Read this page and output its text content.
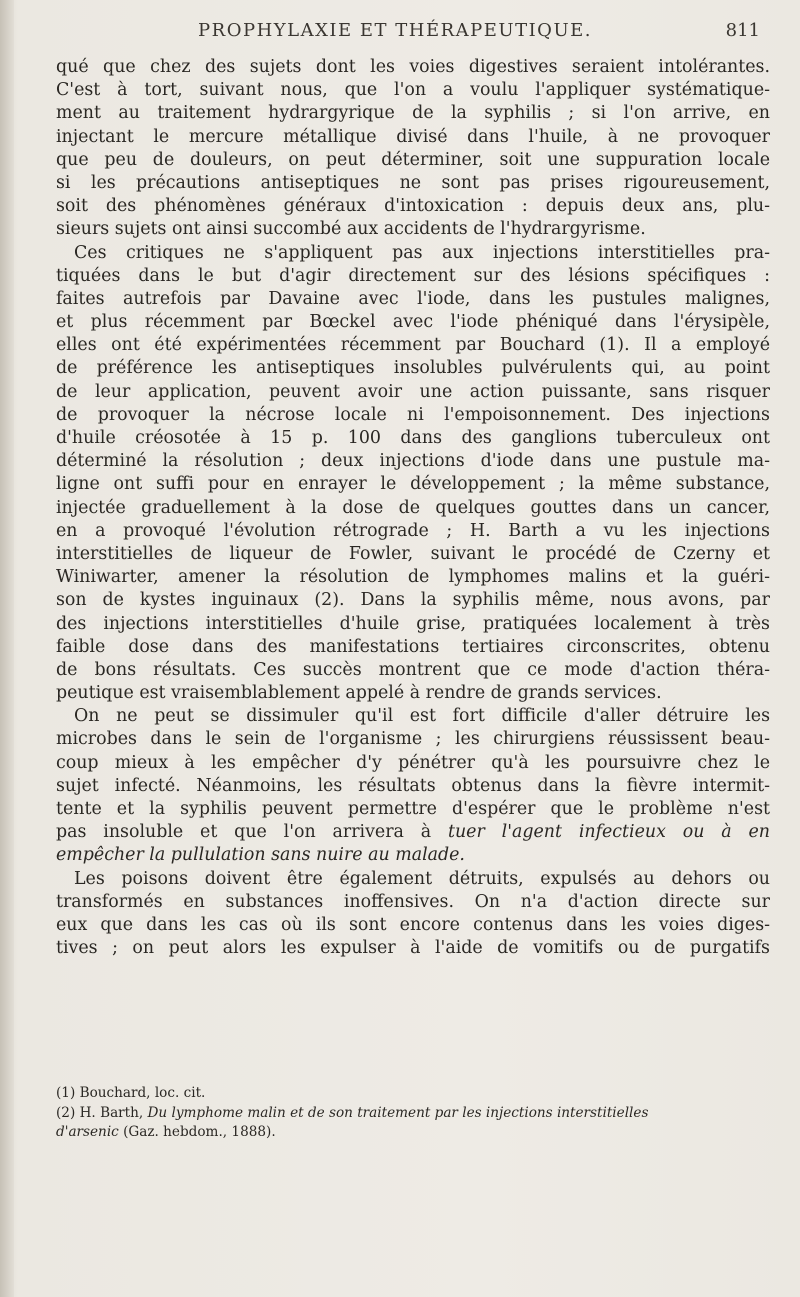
PROPHYLAXIE ET THÉRAPEUTIQUE.	811
qué que chez des sujets dont les voies digestives seraient intolérantes.
C'est à tort, suivant nous, que l'on a voulu l'appliquer systématique-
ment au traitement hydrargyrique de la syphilis ; si l'on arrive, en
injectant le mercure métallique divisé dans l'huile, à ne provoquer
que peu de douleurs, on peut déterminer, soit une suppuration locale
si les précautions antiseptiques ne sont pas prises rigoureusement,
soit des phénomènes généraux d'intoxication : depuis deux ans, plu-
sieurs sujets ont ainsi succombé aux accidents de l'hydrargyrisme.
Ces critiques ne s'appliquent pas aux injections interstitielles pra-
tiquées dans le but d'agir directement sur des lésions spécifiques :
faites autrefois par Davaine avec l'iode, dans les pustules malignes,
et plus récemment par Bœckel avec l'iode phéniqué dans l'érysipèle,
elles ont été expérimentées récemment par Bouchard (1). Il a employé
de préférence les antiseptiques insolubles pulvérulents qui, au point
de leur application, peuvent avoir une action puissante, sans risquer
de provoquer la nécrose locale ni l'empoisonnement. Des injections
d'huile créosotée à 15 p. 100 dans des ganglions tuberculeux ont
déterminé la résolution ; deux injections d'iode dans une pustule ma-
ligne ont suffi pour en enrayer le développement ; la même substance,
injectée graduellement à la dose de quelques gouttes dans un cancer,
en a provoqué l'évolution rétrograde ; H. Barth a vu les injections
interstitielles de liqueur de Fowler, suivant le procédé de Czerny et
Winiwarter, amener la résolution de lymphomes malins et la guéri-
son de kystes inguinaux (2). Dans la syphilis même, nous avons, par
des injections interstitielles d'huile grise, pratiquées localement à très
faible dose dans des manifestations tertiaires circonscrites, obtenu
de bons résultats. Ces succès montrent que ce mode d'action théra-
peutique est vraisemblablement appelé à rendre de grands services.
On ne peut se dissimuler qu'il est fort difficile d'aller détruire les
microbes dans le sein de l'organisme ; les chirurgiens réussissent beau-
coup mieux à les empêcher d'y pénétrer qu'à les poursuivre chez le
sujet infecté. Néanmoins, les résultats obtenus dans la fièvre intermit-
tente et la syphilis peuvent permettre d'espérer que le problème n'est
pas insoluble et que l'on arrivera à tuer l'agent infectieux ou à en
empêcher la pullulation sans nuire au malade.
Les poisons doivent être également détruits, expulsés au dehors ou
transformés en substances inoffensives. On n'a d'action directe sur
eux que dans les cas où ils sont encore contenus dans les voies diges-
tives ; on peut alors les expulser à l'aide de vomitifs ou de purgatifs
(1) Bouchard, loc. cit.
(2) H. Barth, Du lymphome malin et de son traitement par les injections interstitielles
d'arsenic (Gaz. hebdom., 1888).
